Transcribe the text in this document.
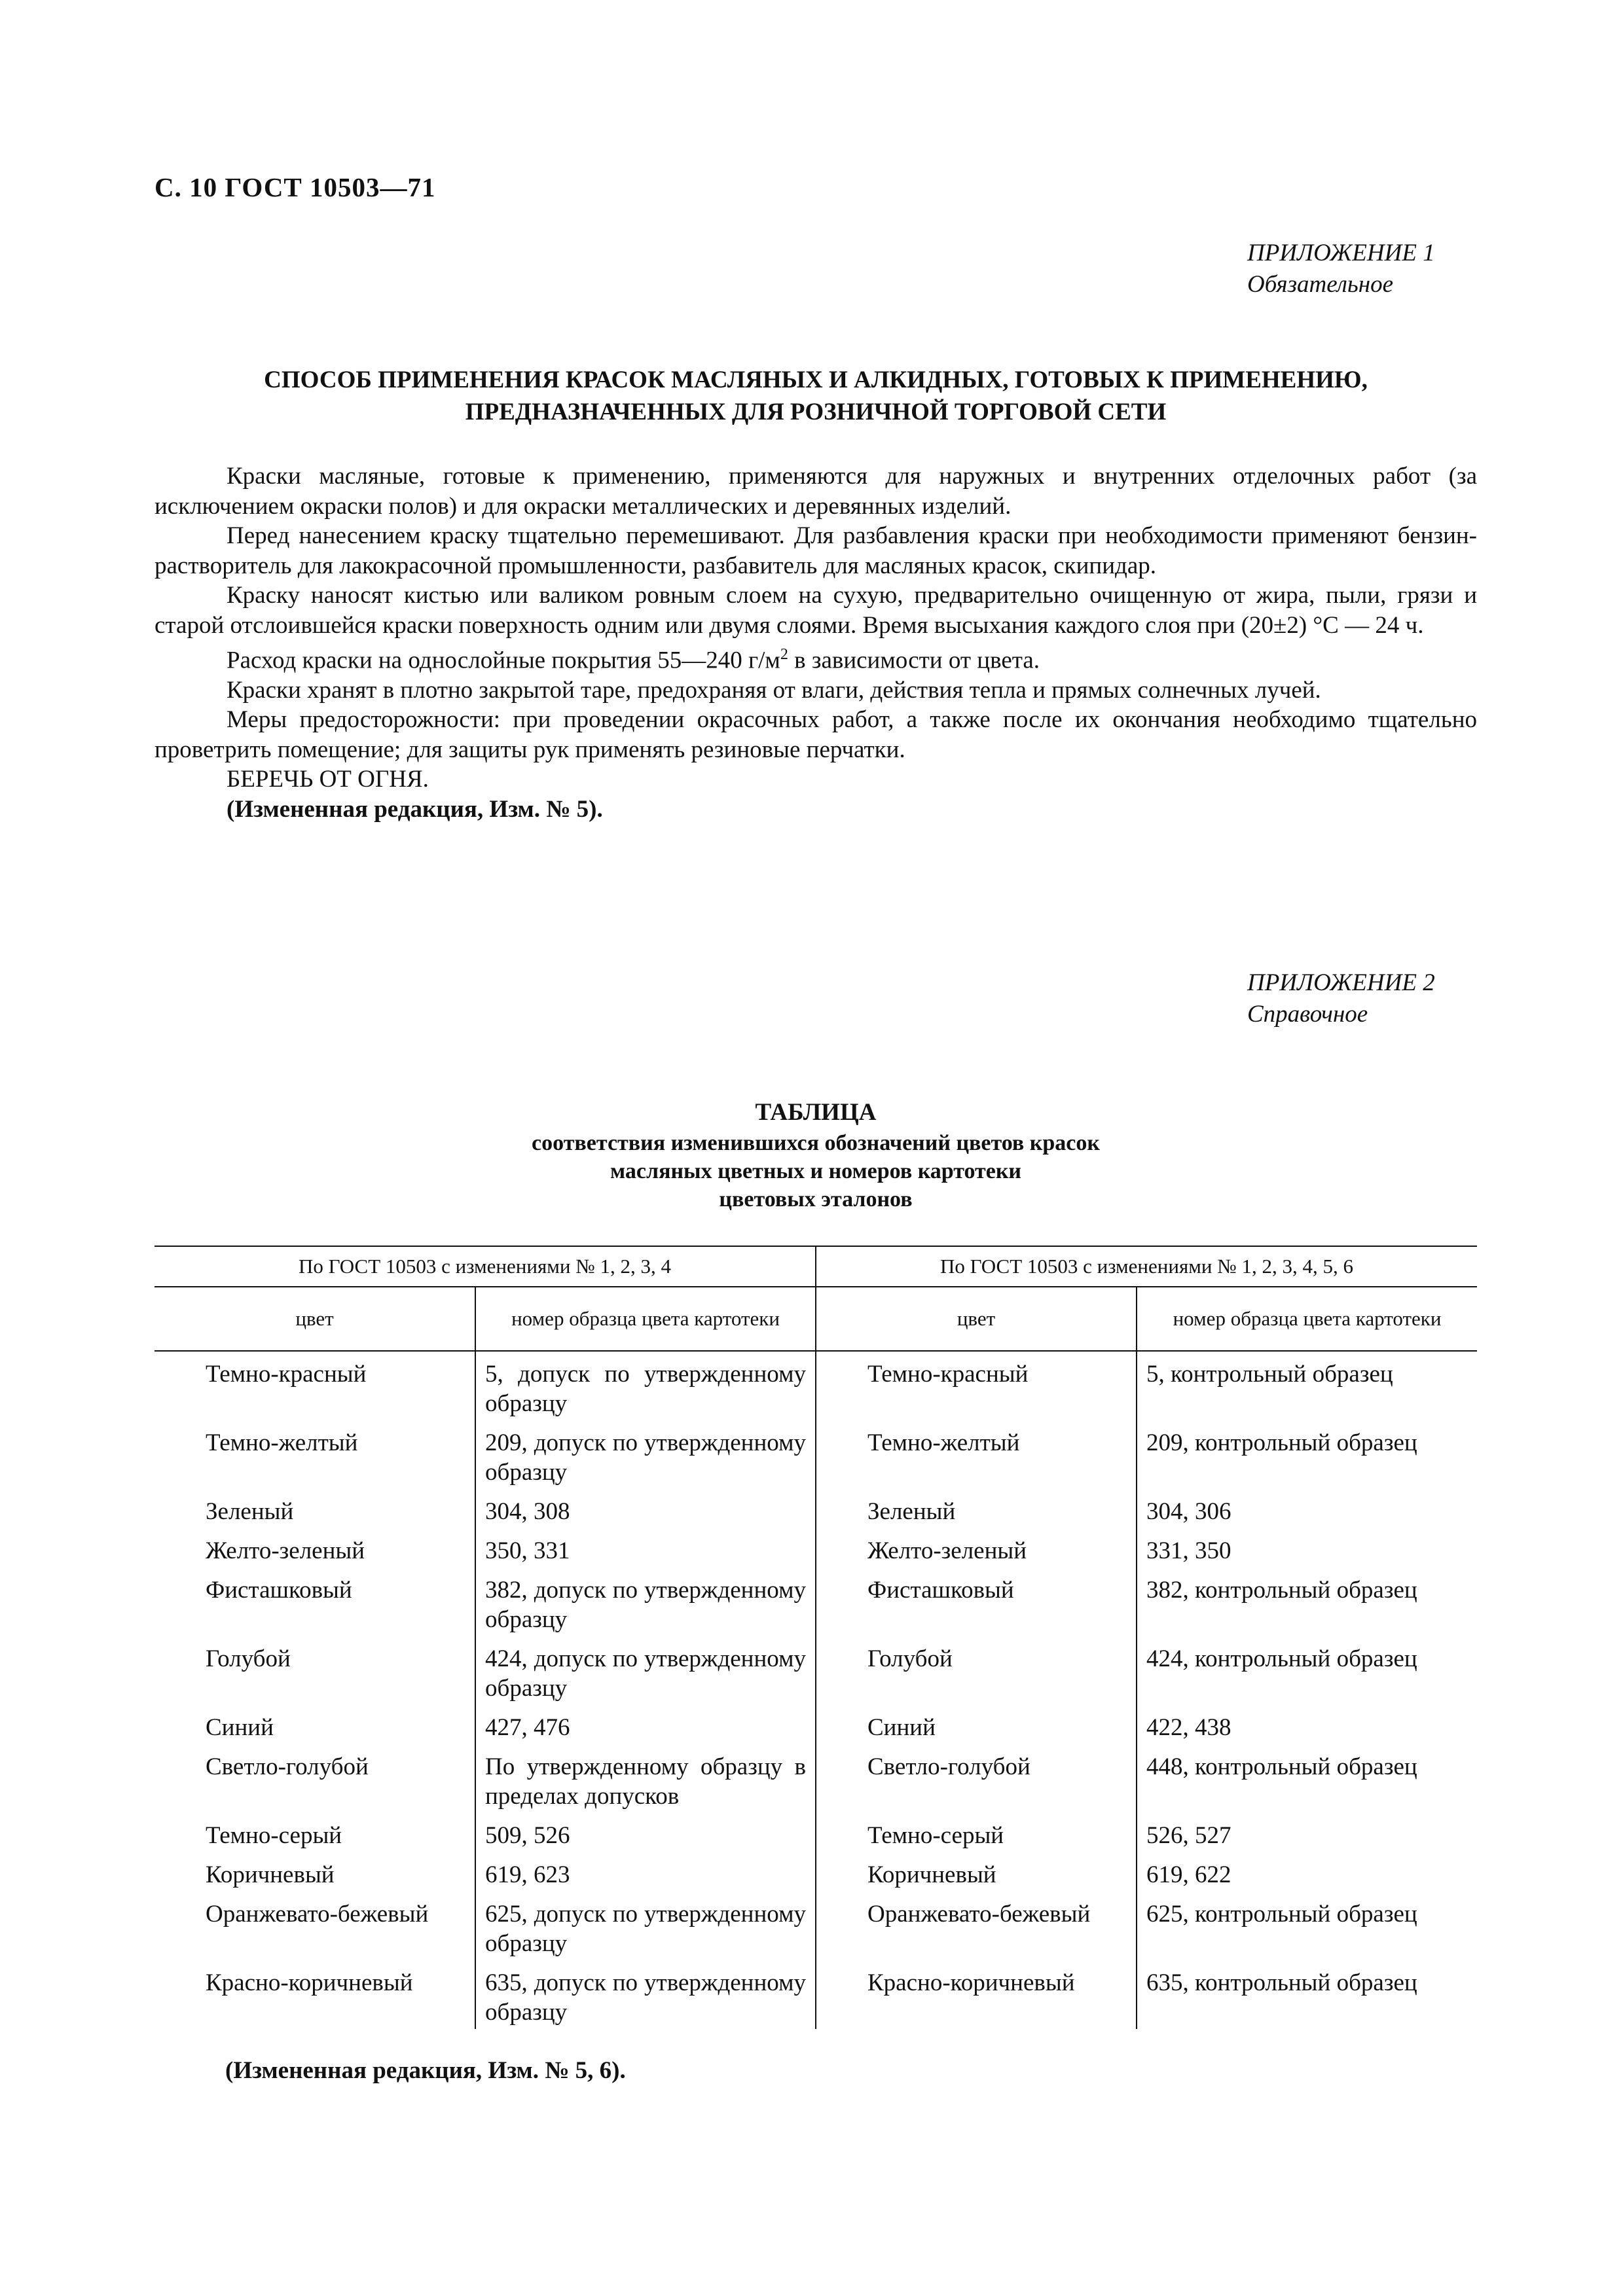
С. 10 ГОСТ 10503—71
ПРИЛОЖЕНИЕ 1
Обязательное
СПОСОБ ПРИМЕНЕНИЯ КРАСОК МАСЛЯНЫХ И АЛКИДНЫХ, ГОТОВЫХ К ПРИМЕНЕНИЮ,
ПРЕДНАЗНАЧЕННЫХ ДЛЯ РОЗНИЧНОЙ ТОРГОВОЙ СЕТИ

Краски масляные, готовые к применению, применяются для наружных и внутренних отделочных работ (за исключением окраски полов) и для окраски металлических и деревянных изделий.

Перед нанесением краску тщательно перемешивают. Для разбавления краски при необходимости применяют бензин-растворитель для лакокрасочной промышленности, разбавитель для масляных красок, скипидар.

Краску наносят кистью или валиком ровным слоем на сухую, предварительно очищенную от жира, пыли, грязи и старой отслоившейся краски поверхность одним или двумя слоями. Время высыхания каждого слоя при (20±2) °С — 24 ч.

Расход краски на однослойные покрытия 55—240 $г/м^2$ в зависимости от цвета.

Краски хранят в плотно закрытой таре, предохраняя от влаги, действия тепла и прямых солнечных лучей.

Меры предосторожности: при проведении окрасочных работ, а также после их окончания необходимо тщательно проветрить помещение; для защиты рук применять резиновые перчатки.

БЕРЕЧЬ ОТ ОГНЯ.

(Измененная редакция, Изм. № 5).

ПРИЛОЖЕНИЕ 2
Справочное
ТАБЛИЦА
соответствия изменившихся обозначений цветов красок
масляных цветных и номеров картотеки
цветовых эталонов
По ГОСТ 10503 с изменениями № 1, 2, 3, 4		По ГОСТ 10503 с изменениями № 1, 2, 3, 4, 5, 6	
цвет	номер образца цвета картотеки	цвет	номер образца цвета картотеки
Темно-красный	5, допуск по утвержденному образцу	Темно-красный	5, контрольный образец
Темно-желтый	209, допуск по утвержденному образцу	Темно-желтый	209, контрольный образец
Зеленый	304, 308	Зеленый	304, 306
Желто-зеленый	350, 331	Желто-зеленый	331, 350
Фисташковый	382, допуск по утвержденному образцу	Фисташковый	382, контрольный образец
Голубой	424, допуск по утвержденному образцу	Голубой	424, контрольный образец
Синий	427, 476	Синий	422, 438
Светло-голубой	По утвержденному образцу в пределах допусков	Светло-голубой	448, контрольный образец
Темно-серый	509, 526	Темно-серый	526, 527
Коричневый	619, 623	Коричневый	619, 622
Оранжевато-бежевый	625, допуск по утвержденному образцу	Оранжевато-бежевый	625, контрольный образец
Красно-коричневый	635, допуск по утвержденному образцу	Красно-коричневый	635, контрольный образец
(Измененная редакция, Изм. № 5, 6).
